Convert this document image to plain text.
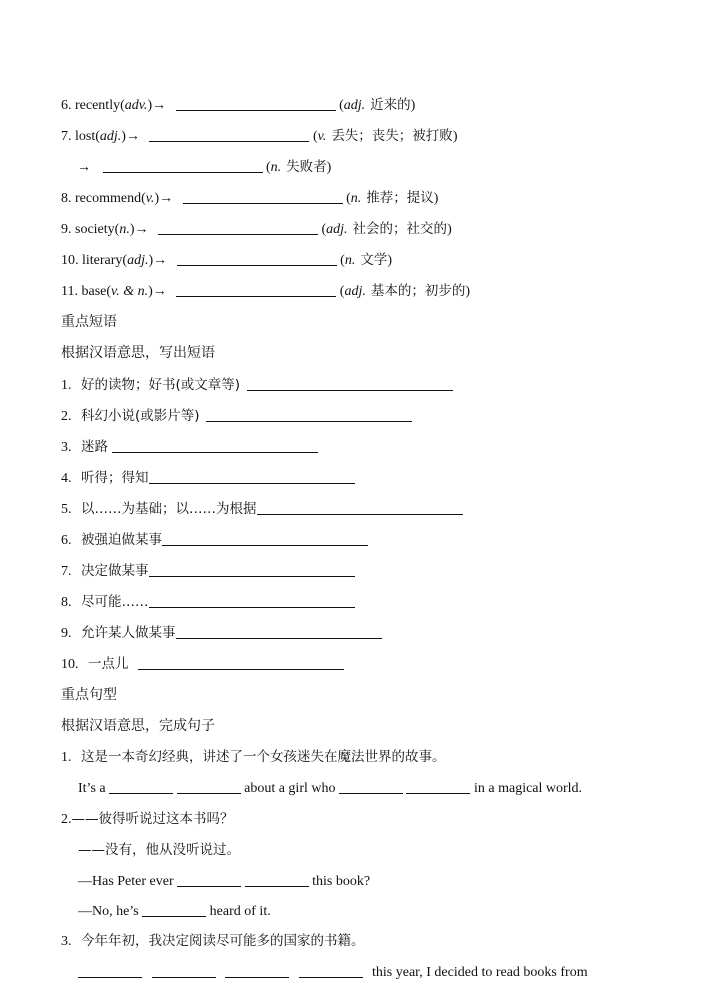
6. recently(adv.)→	(adj. 近来的)
7. lost(adj.)→	(v. 丢失；丧失；被打败)
→	(n. 失败者)
8. recommend(v.)→	(n. 推荐；提议)
9. society(n.)→	(adj. 社会的；社交的)
10. literary(adj.)→	(n. 文学)
11. base(v. & n.)→	(adj. 基本的；初步的)
重点短语
根据汉语意思，写出短语
1. 好的读物；好书(或文章等)
2. 科幻小说(或影片等)
3. 迷路
4. 听得；得知
5. 以……为基础；以……为根据
6. 被强迫做某事
7. 决定做某事
8. 尽可能……
9. 允许某人做某事
10. 一点儿
重点句型
根据汉语意思，完成句子
1. 这是一本奇幻经典，讲述了一个女孩迷失在魔法世界的故事。
It’s a	about a girl who	in a magical world.
2.——彼得听说过这本书吗？
——没有，他从没听说过。
—Has Peter ever	this book?
—No, he’s	heard of it.
3. 今年年初，我决定阅读尽可能多的国家的书籍。
this year, I decided to read books from
